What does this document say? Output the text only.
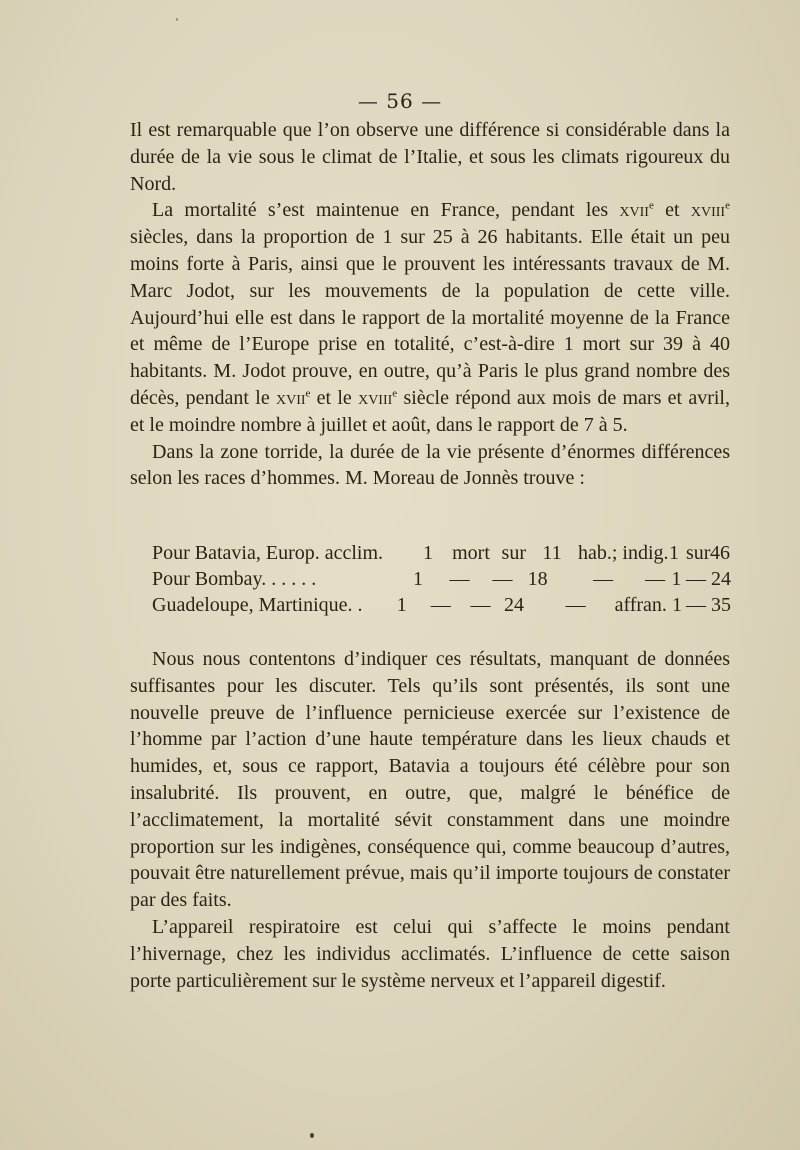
— 56 —

Il est remarquable que l’on observe une différence si considérable dans la durée de la vie sous le climat de l’Italie, et sous les climats rigoureux du Nord.

La mortalité s’est maintenue en France, pendant les xvii$^e$ et xviii$^e$ siècles, dans la proportion de 1 sur 25 à 26 habitants. Elle était un peu moins forte à Paris, ainsi que le prouvent les intéressants travaux de M. Marc Jodot, sur les mouvements de la population de cette ville. Aujourd’hui elle est dans le rapport de la mortalité moyenne de la France et même de l’Europe prise en totalité, c’est-à-dire 1 mort sur 39 à 40 habitants. M. Jodot prouve, en outre, qu’à Paris le plus grand nombre des décès, pendant le xvii$^e$ et le xviii$^e$ siècle répond aux mois de mars et avril, et le moindre nombre à juillet et août, dans le rapport de 7 à 5.

Dans la zone torride, la durée de la vie présente d’énormes différences selon les races d’hommes. M. Moreau de Jonnès trouve :

Pour Batavia, Europ. acclim.	1 mort sur 11 hab.; indig. 1 sur 46
Pour Bombay. . . . . .	1	—	— 18	—	— 1 — 24
Guadeloupe, Martinique. .	1	— — 24	—	affran. 1 — 35

Nous nous contentons d’indiquer ces résultats, manquant de données suffisantes pour les discuter. Tels qu’ils sont présentés, ils sont une nouvelle preuve de l’influence pernicieuse exercée sur l’existence de l’homme par l’action d’une haute température dans les lieux chauds et humides, et, sous ce rapport, Batavia a toujours été célèbre pour son insalubrité. Ils prouvent, en outre, que, malgré le bénéfice de l’acclimatement, la mortalité sévit constamment dans une moindre proportion sur les indigènes, conséquence qui, comme beaucoup d’autres, pouvait être naturellement prévue, mais qu’il importe toujours de constater par des faits.

L’appareil respiratoire est celui qui s’affecte le moins pendant l’hivernage, chez les individus acclimatés. L’influence de cette saison porte particulièrement sur le système nerveux et l’appareil digestif.
